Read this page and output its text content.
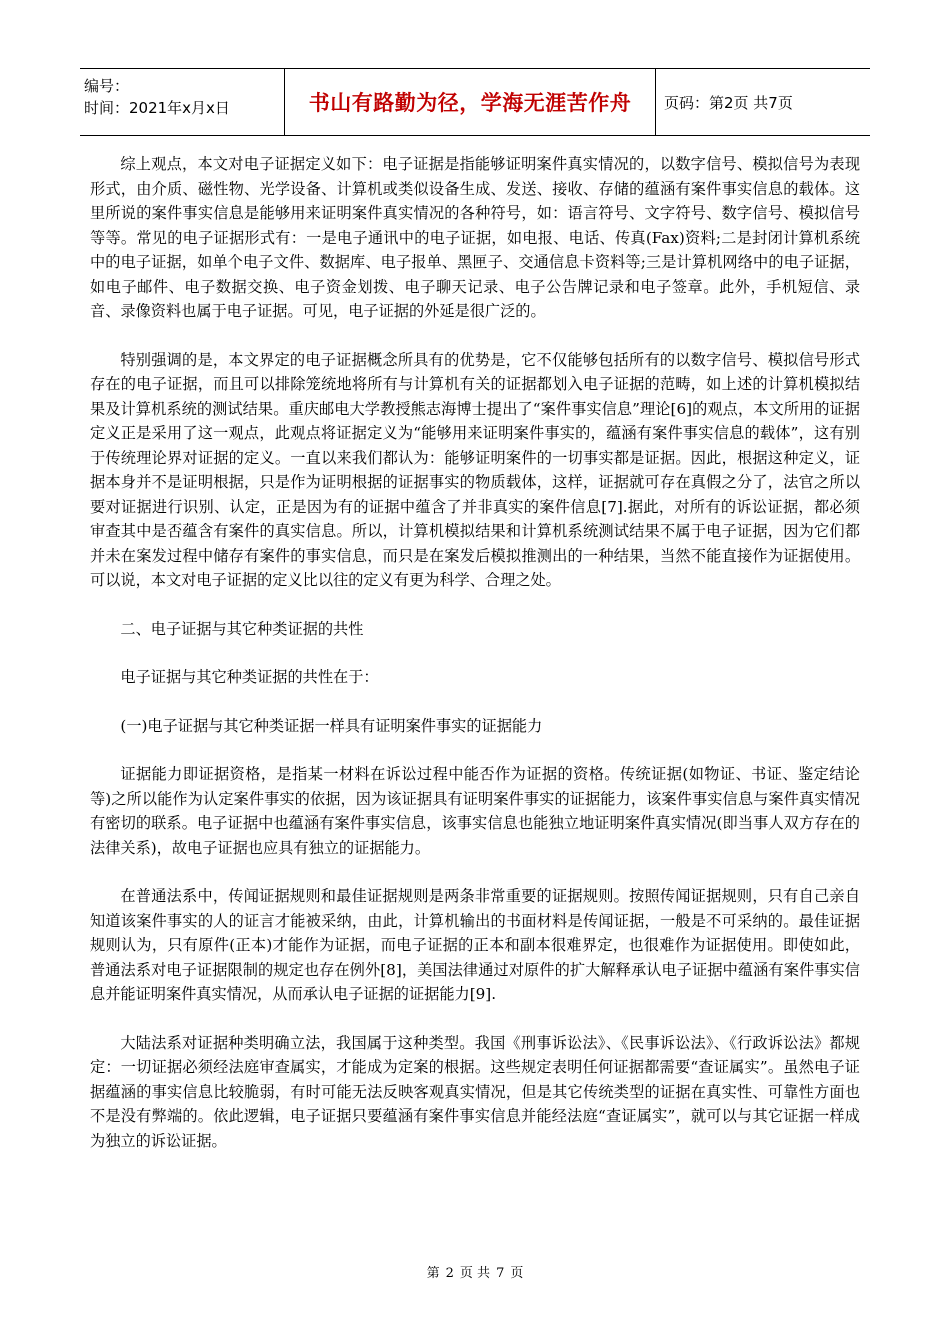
编号：
时间：2021年x月x日	书山有路勤为径，学海无涯苦作舟	页码：第2页 共7页

综上观点，本文对电子证据定义如下：电子证据是指能够证明案件真实情况的，以数字信号、模拟信号为表现形式，由介质、磁性物、光学设备、计算机或类似设备生成、发送、接收、存储的蕴涵有案件事实信息的载体。这里所说的案件事实信息是能够用来证明案件真实情况的各种符号，如：语言符号、文字符号、数字信号、模拟信号等等。常见的电子证据形式有：一是电子通讯中的电子证据，如电报、电话、传真(Fax)资料;二是封闭计算机系统中的电子证据，如单个电子文件、数据库、电子报单、黑匣子、交通信息卡资料等;三是计算机网络中的电子证据，如电子邮件、电子数据交换、电子资金划拨、电子聊天记录、电子公告牌记录和电子签章。此外，手机短信、录音、录像资料也属于电子证据。可见，电子证据的外延是很广泛的。

特别强调的是，本文界定的电子证据概念所具有的优势是，它不仅能够包括所有的以数字信号、模拟信号形式存在的电子证据，而且可以排除笼统地将所有与计算机有关的证据都划入电子证据的范畴，如上述的计算机模拟结果及计算机系统的测试结果。重庆邮电大学教授熊志海博士提出了“案件事实信息”理论[6]的观点，本文所用的证据定义正是采用了这一观点，此观点将证据定义为“能够用来证明案件事实的，蕴涵有案件事实信息的载体”，这有别于传统理论界对证据的定义。一直以来我们都认为：能够证明案件的一切事实都是证据。因此，根据这种定义，证据本身并不是证明根据，只是作为证明根据的证据事实的物质载体，这样，证据就可存在真假之分了，法官之所以要对证据进行识别、认定，正是因为有的证据中蕴含了并非真实的案件信息[7].据此，对所有的诉讼证据，都必须审查其中是否蕴含有案件的真实信息。所以，计算机模拟结果和计算机系统测试结果不属于电子证据，因为它们都并未在案发过程中储存有案件的事实信息，而只是在案发后模拟推测出的一种结果，当然不能直接作为证据使用。可以说，本文对电子证据的定义比以往的定义有更为科学、合理之处。

二、电子证据与其它种类证据的共性

电子证据与其它种类证据的共性在于：

(一)电子证据与其它种类证据一样具有证明案件事实的证据能力

证据能力即证据资格，是指某一材料在诉讼过程中能否作为证据的资格。传统证据(如物证、书证、鉴定结论等)之所以能作为认定案件事实的依据，因为该证据具有证明案件事实的证据能力，该案件事实信息与案件真实情况有密切的联系。电子证据中也蕴涵有案件事实信息，该事实信息也能独立地证明案件真实情况(即当事人双方存在的法律关系)，故电子证据也应具有独立的证据能力。

在普通法系中，传闻证据规则和最佳证据规则是两条非常重要的证据规则。按照传闻证据规则，只有自己亲自知道该案件事实的人的证言才能被采纳，由此，计算机输出的书面材料是传闻证据，一般是不可采纳的。最佳证据规则认为，只有原件(正本)才能作为证据，而电子证据的正本和副本很难界定，也很难作为证据使用。即使如此，普通法系对电子证据限制的规定也存在例外[8]，美国法律通过对原件的扩大解释承认电子证据中蕴涵有案件事实信息并能证明案件真实情况，从而承认电子证据的证据能力[9].

大陆法系对证据种类明确立法，我国属于这种类型。我国《刑事诉讼法》、《民事诉讼法》、《行政诉讼法》都规定：一切证据必须经法庭审查属实，才能成为定案的根据。这些规定表明任何证据都需要“查证属实”。虽然电子证据蕴涵的事实信息比较脆弱，有时可能无法反映客观真实情况，但是其它传统类型的证据在真实性、可靠性方面也不是没有弊端的。依此逻辑，电子证据只要蕴涵有案件事实信息并能经法庭“查证属实”，就可以与其它证据一样成为独立的诉讼证据。

第 2 页 共 7 页
